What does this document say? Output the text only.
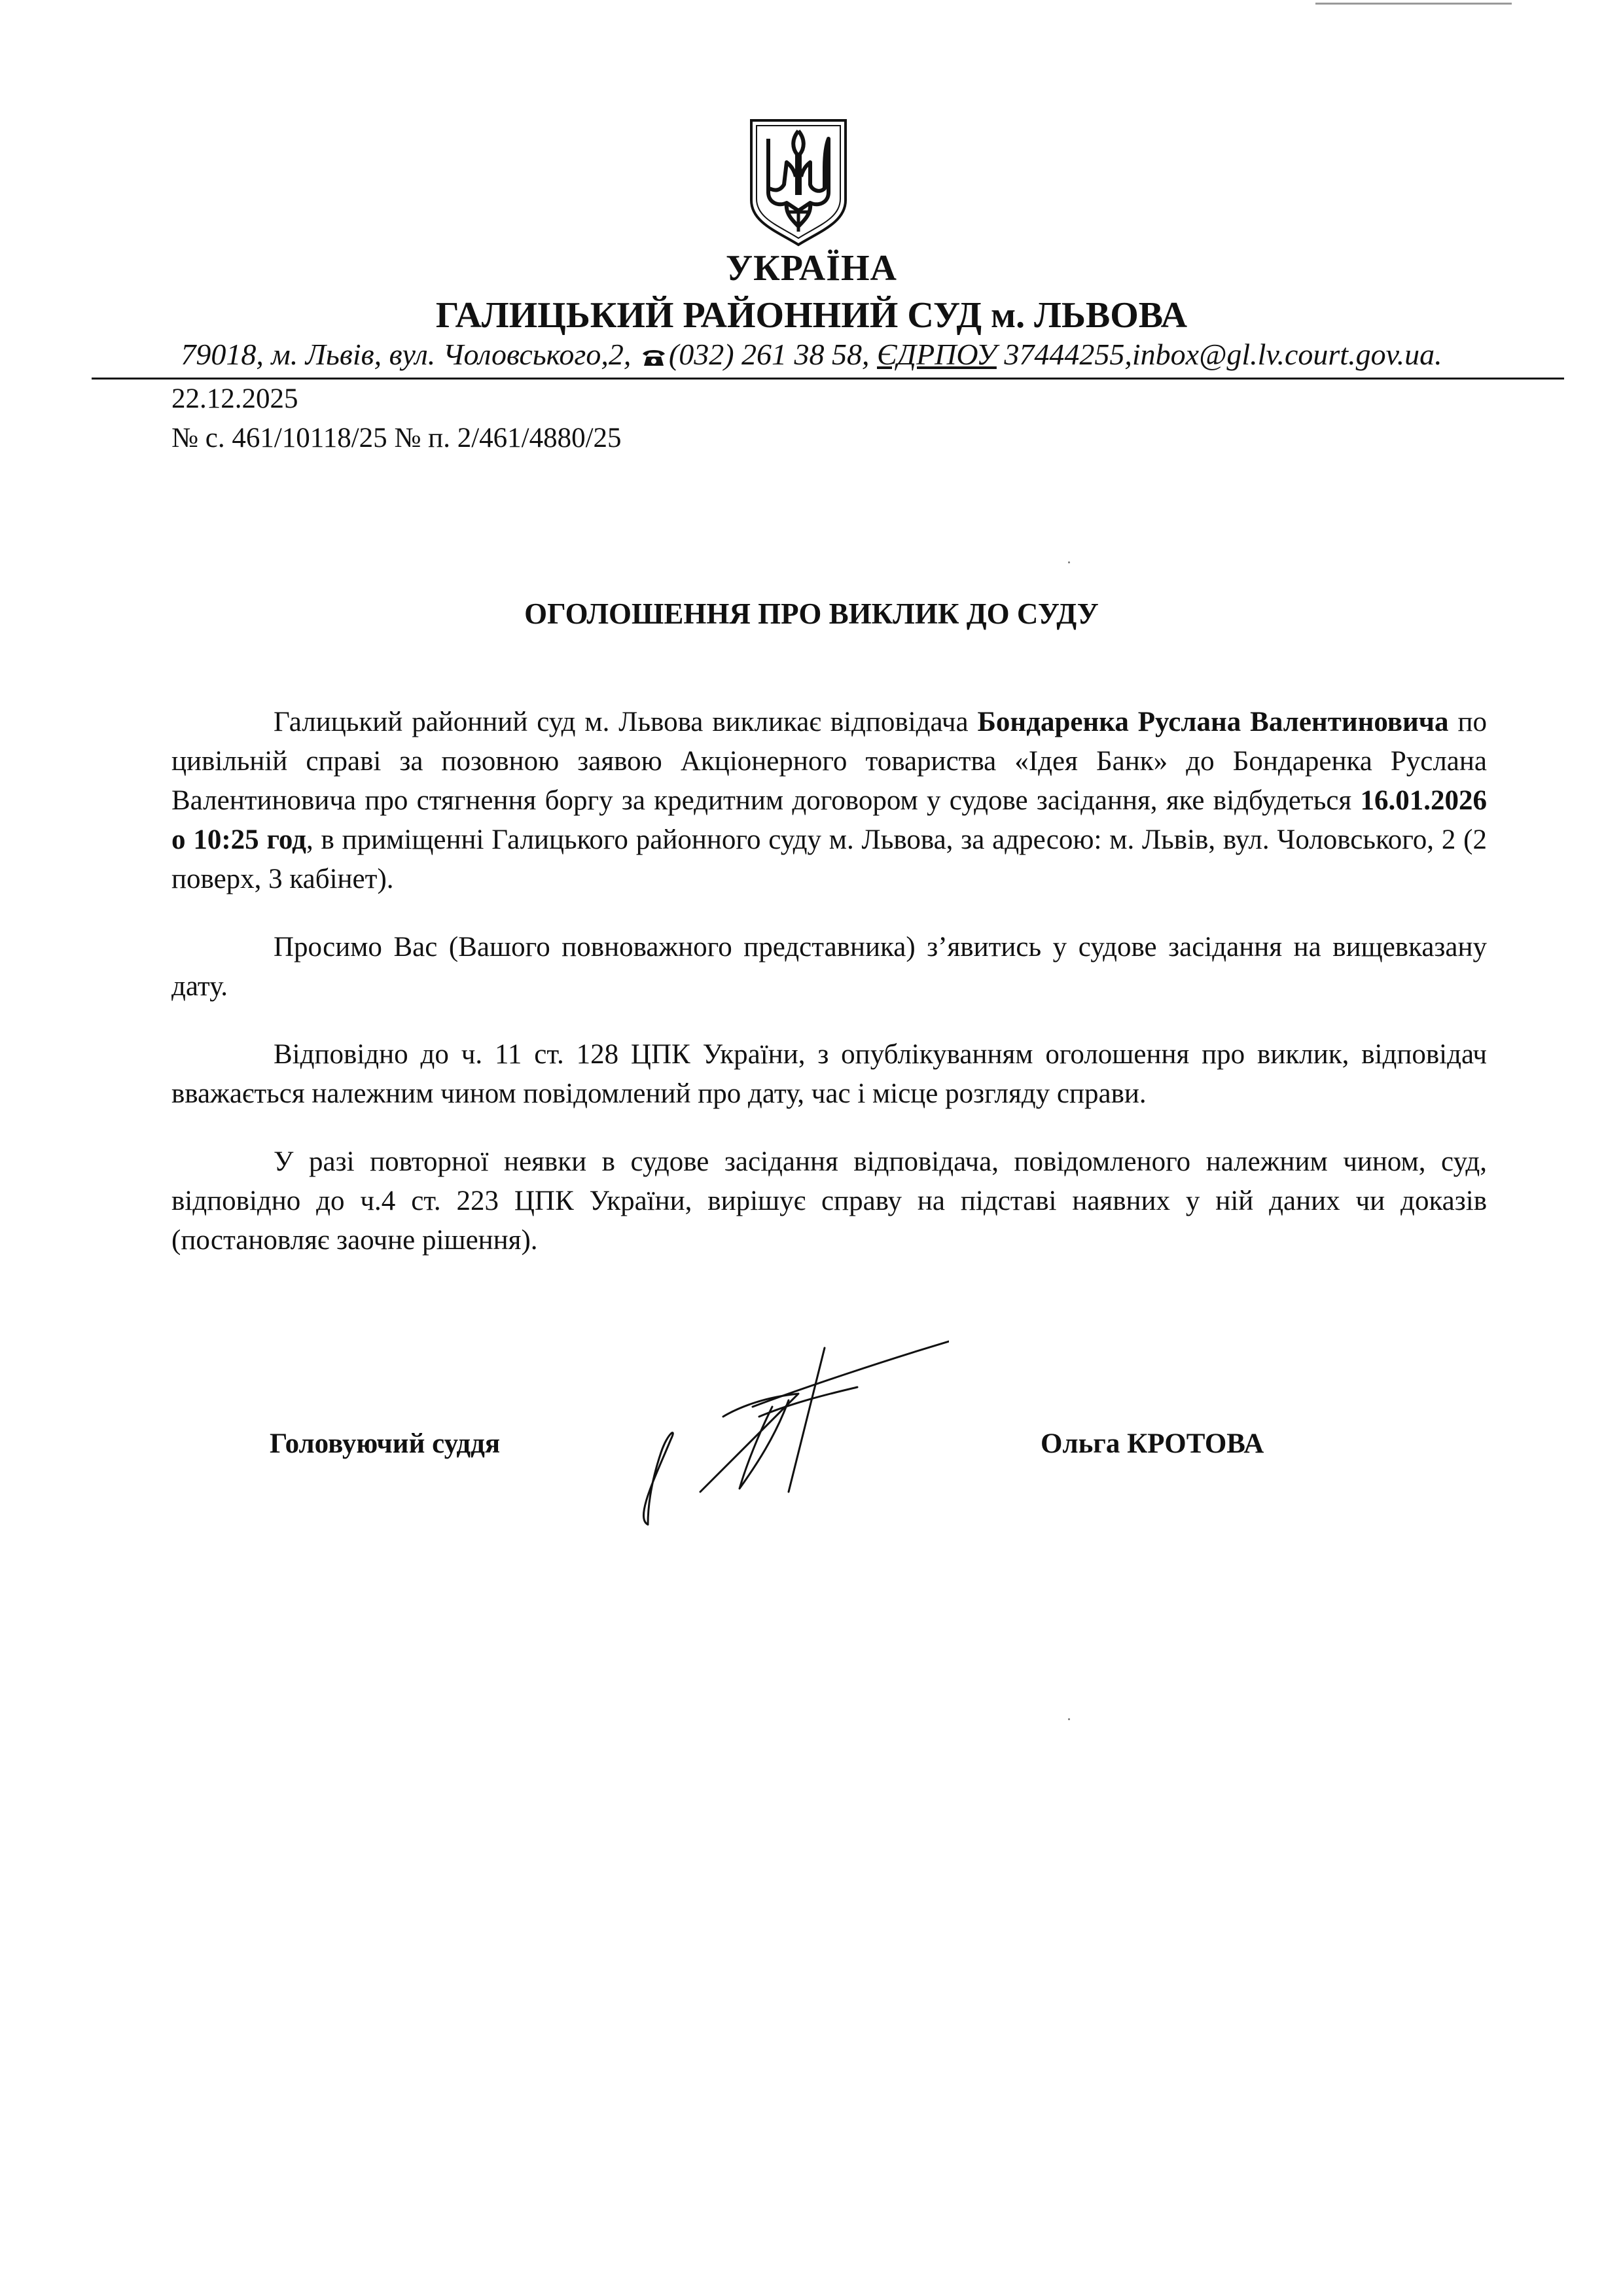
УКРАЇНА
ГАЛИЦЬКИЙ РАЙОННИЙ СУД м. ЛЬВОВА
79018, м. Львів, вул. Чоловського,2, (032) 261 38 58, ЄДРПОУ 37444255,inbox@gl.lv.court.gov.ua.
22.12.2025
№ с. 461/10118/25 № п. 2/461/4880/25
ОГОЛОШЕННЯ ПРО ВИКЛИК ДО СУДУ

Галицький районний суд м. Львова викликає відповідача Бондаренка Руслана Валентиновича по цивільній справі за позовною заявою Акціонерного товариства «Ідея Банк» до Бондаренка Руслана Валентиновича про стягнення боргу за кредитним договором у судове засідання, яке відбудеться 16.01.2026 о 10:25 год, в приміщенні Галицького районного суду м. Львова, за адресою: м. Львів, вул. Чоловського, 2 (2 поверх, 3 кабінет).

Просимо Вас (Вашого повноважного представника) з’явитись у судове засідання на вищевказану дату.

Відповідно до ч. 11 ст. 128 ЦПК України, з опублікуванням оголошення про виклик, відповідач вважається належним чином повідомлений про дату, час і місце розгляду справи.

У разі повторної неявки в судове засідання відповідача, повідомленого належним чином, суд, відповідно до ч.4 ст. 223 ЦПК України, вирішує справу на підставі наявних у ній даних чи доказів (постановляє заочне рішення).

Головуючий суддя	Ольга КРОТОВА
